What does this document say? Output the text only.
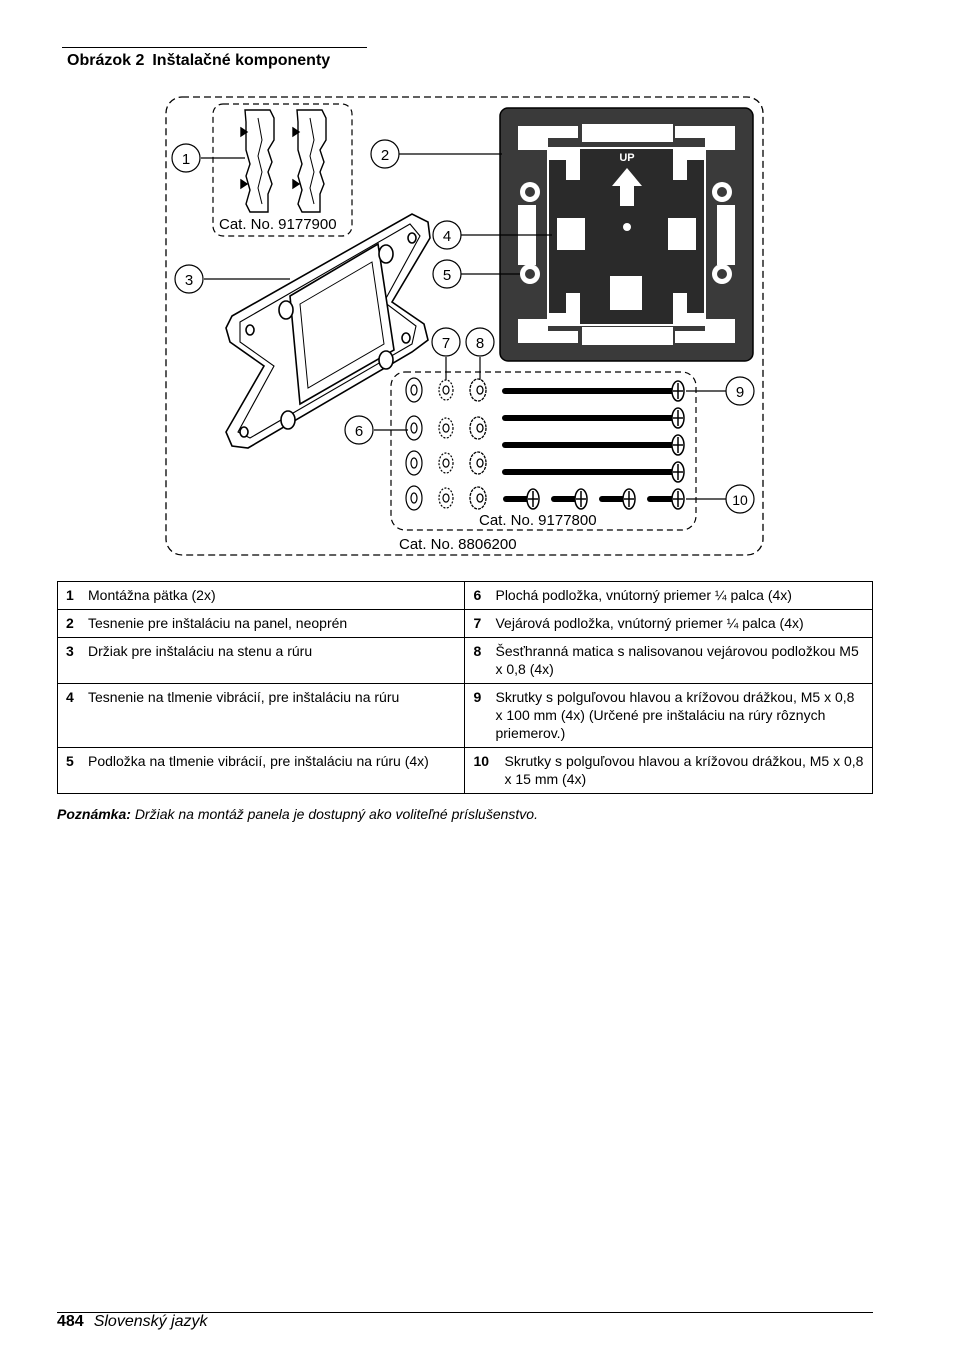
Obrázok 2 Inštalačné komponenty
UP
1	2
3
4
5
6
7 8
9
10
Cat. No. 9177900
Cat. No. 9177800
Cat. No. 8806200
1 Montážna pätka (2x)	6 Plochá podložka, vnútorný priemer ¼ palca (4x)

2 Tesnenie pre inštaláciu na panel, neoprén	7 Vejárová podložka, vnútorný priemer ¼ palca (4x)

3 Držiak pre inštaláciu na stenu a rúru	8 Šesťhranná matica s nalisovanou vejárovou podložkou M5 x 0,8 (4x)

4 Tesnenie na tlmenie vibrácií, pre inštaláciu na rúru	9 Skrutky s polguľovou hlavou a krížovou drážkou, M5 x 0,8 x 100 mm (4x) (Určené pre inštaláciu na rúry rôznych priemerov.)

5 Podložka na tlmenie vibrácií, pre inštaláciu na rúru (4x)	10 Skrutky s polguľovou hlavou a krížovou drážkou, M5 x 0,8 x 15 mm (4x)
Poznámka: Držiak na montáž panela je dostupný ako voliteľné príslušenstvo.
484 Slovenský jazyk
